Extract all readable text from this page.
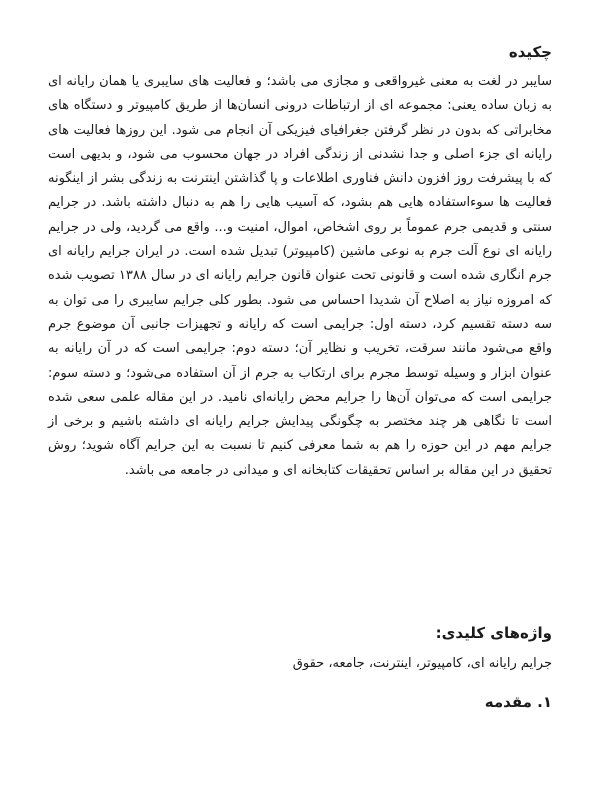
چکیده

سایبر در لغت به معنی غیرواقعی و مجازی می باشد؛ و فعالیت های سایبری یا همان رایانه ای به زبان ساده یعنی: مجموعه ای از ارتباطات درونی انسان‌ها از طریق کامپیوتر و دستگاه های مخابراتی که بدون در نظر گرفتن جغرافیای فیزیکی آن انجام می شود. این روزها فعالیت های رایانه ای جزء اصلی و جدا نشدنی از زندگی افراد در جهان محسوب می شود، و بدیهی است که با پیشرفت روز افزون دانش فناوری اطلاعات و پا گذاشتن اینترنت به زندگی بشر از اینگونه فعالیت ها سوءاستفاده هایی هم بشود، که آسیب هایی را هم به دنبال داشته باشد. در جرایم سنتی و قدیمی جرم عموماً بر روی اشخاص، اموال، امنیت و... واقع می گردید، ولی در جرایم رایانه ای نوع آلت جرم به نوعی ماشین (کامپیوتر) تبدیل شده است. در ایران جرایم رایانه ای جرم انگاری شده است و قانونی تحت عنوان قانون جرایم رایانه ای در سال ۱۳۸۸ تصویب شده که امروزه نیاز به اصلاح آن شدیدا احساس می شود. بطور کلی جرایم سایبری را می توان به سه دسته تقسیم کرد، دسته اول: جرایمی است که رایانه و تجهیزات جانبی آن موضوع جرم واقع می‌شود مانند سرقت، تخریب و نظایر آن؛ دسته دوم: جرایمی است که در آن رایانه به عنوان ابزار و وسیله توسط مجرم برای ارتکاب به جرم از آن استفاده می‌شود؛ و دسته سوم: جرایمی است که می‌توان آن‌ها را جرایم محض رایانه‌ای نامید. در این مقاله علمی سعی شده است تا نگاهی هر چند مختصر به چگونگی پیدایش جرایم رایانه ای داشته باشیم و برخی از جرایم مهم در این حوزه را هم به شما معرفی کنیم تا نسبت به این جرایم آگاه شوید؛ روش تحقیق در این مقاله بر اساس تحقیقات کتابخانه ای و میدانی در جامعه می باشد.

واژه‌های کلیدی:

جرایم رایانه ای، کامپیوتر، اینترنت، جامعه، حقوق

۱. مقدمه
